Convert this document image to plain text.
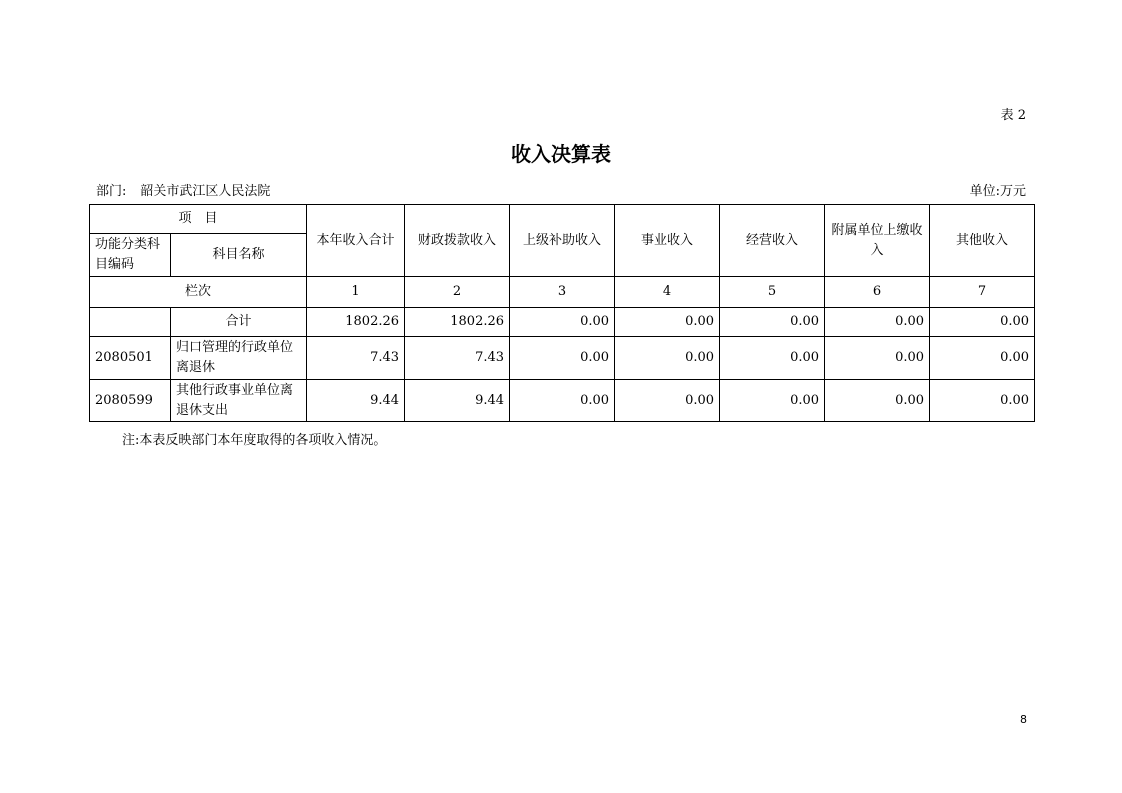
表 2
收入决算表
部门: 韶关市武江区人民法院	单位:万元
项　目		本年收入合计	财政拨款收入	上级补助收入	事业收入	经营收入	附属单位上缴收入	其他收入
功能分类科目编码	科目名称							
栏次		1	2	3	4	5	6	7
	合计	1802.26	1802.26	0.00	0.00	0.00	0.00	0.00
2080501	归口管理的行政单位离退休	7.43	7.43	0.00	0.00	0.00	0.00	0.00
2080599	其他行政事业单位离退休支出	9.44	9.44	0.00	0.00	0.00	0.00	0.00
注:本表反映部门本年度取得的各项收入情况。
8
